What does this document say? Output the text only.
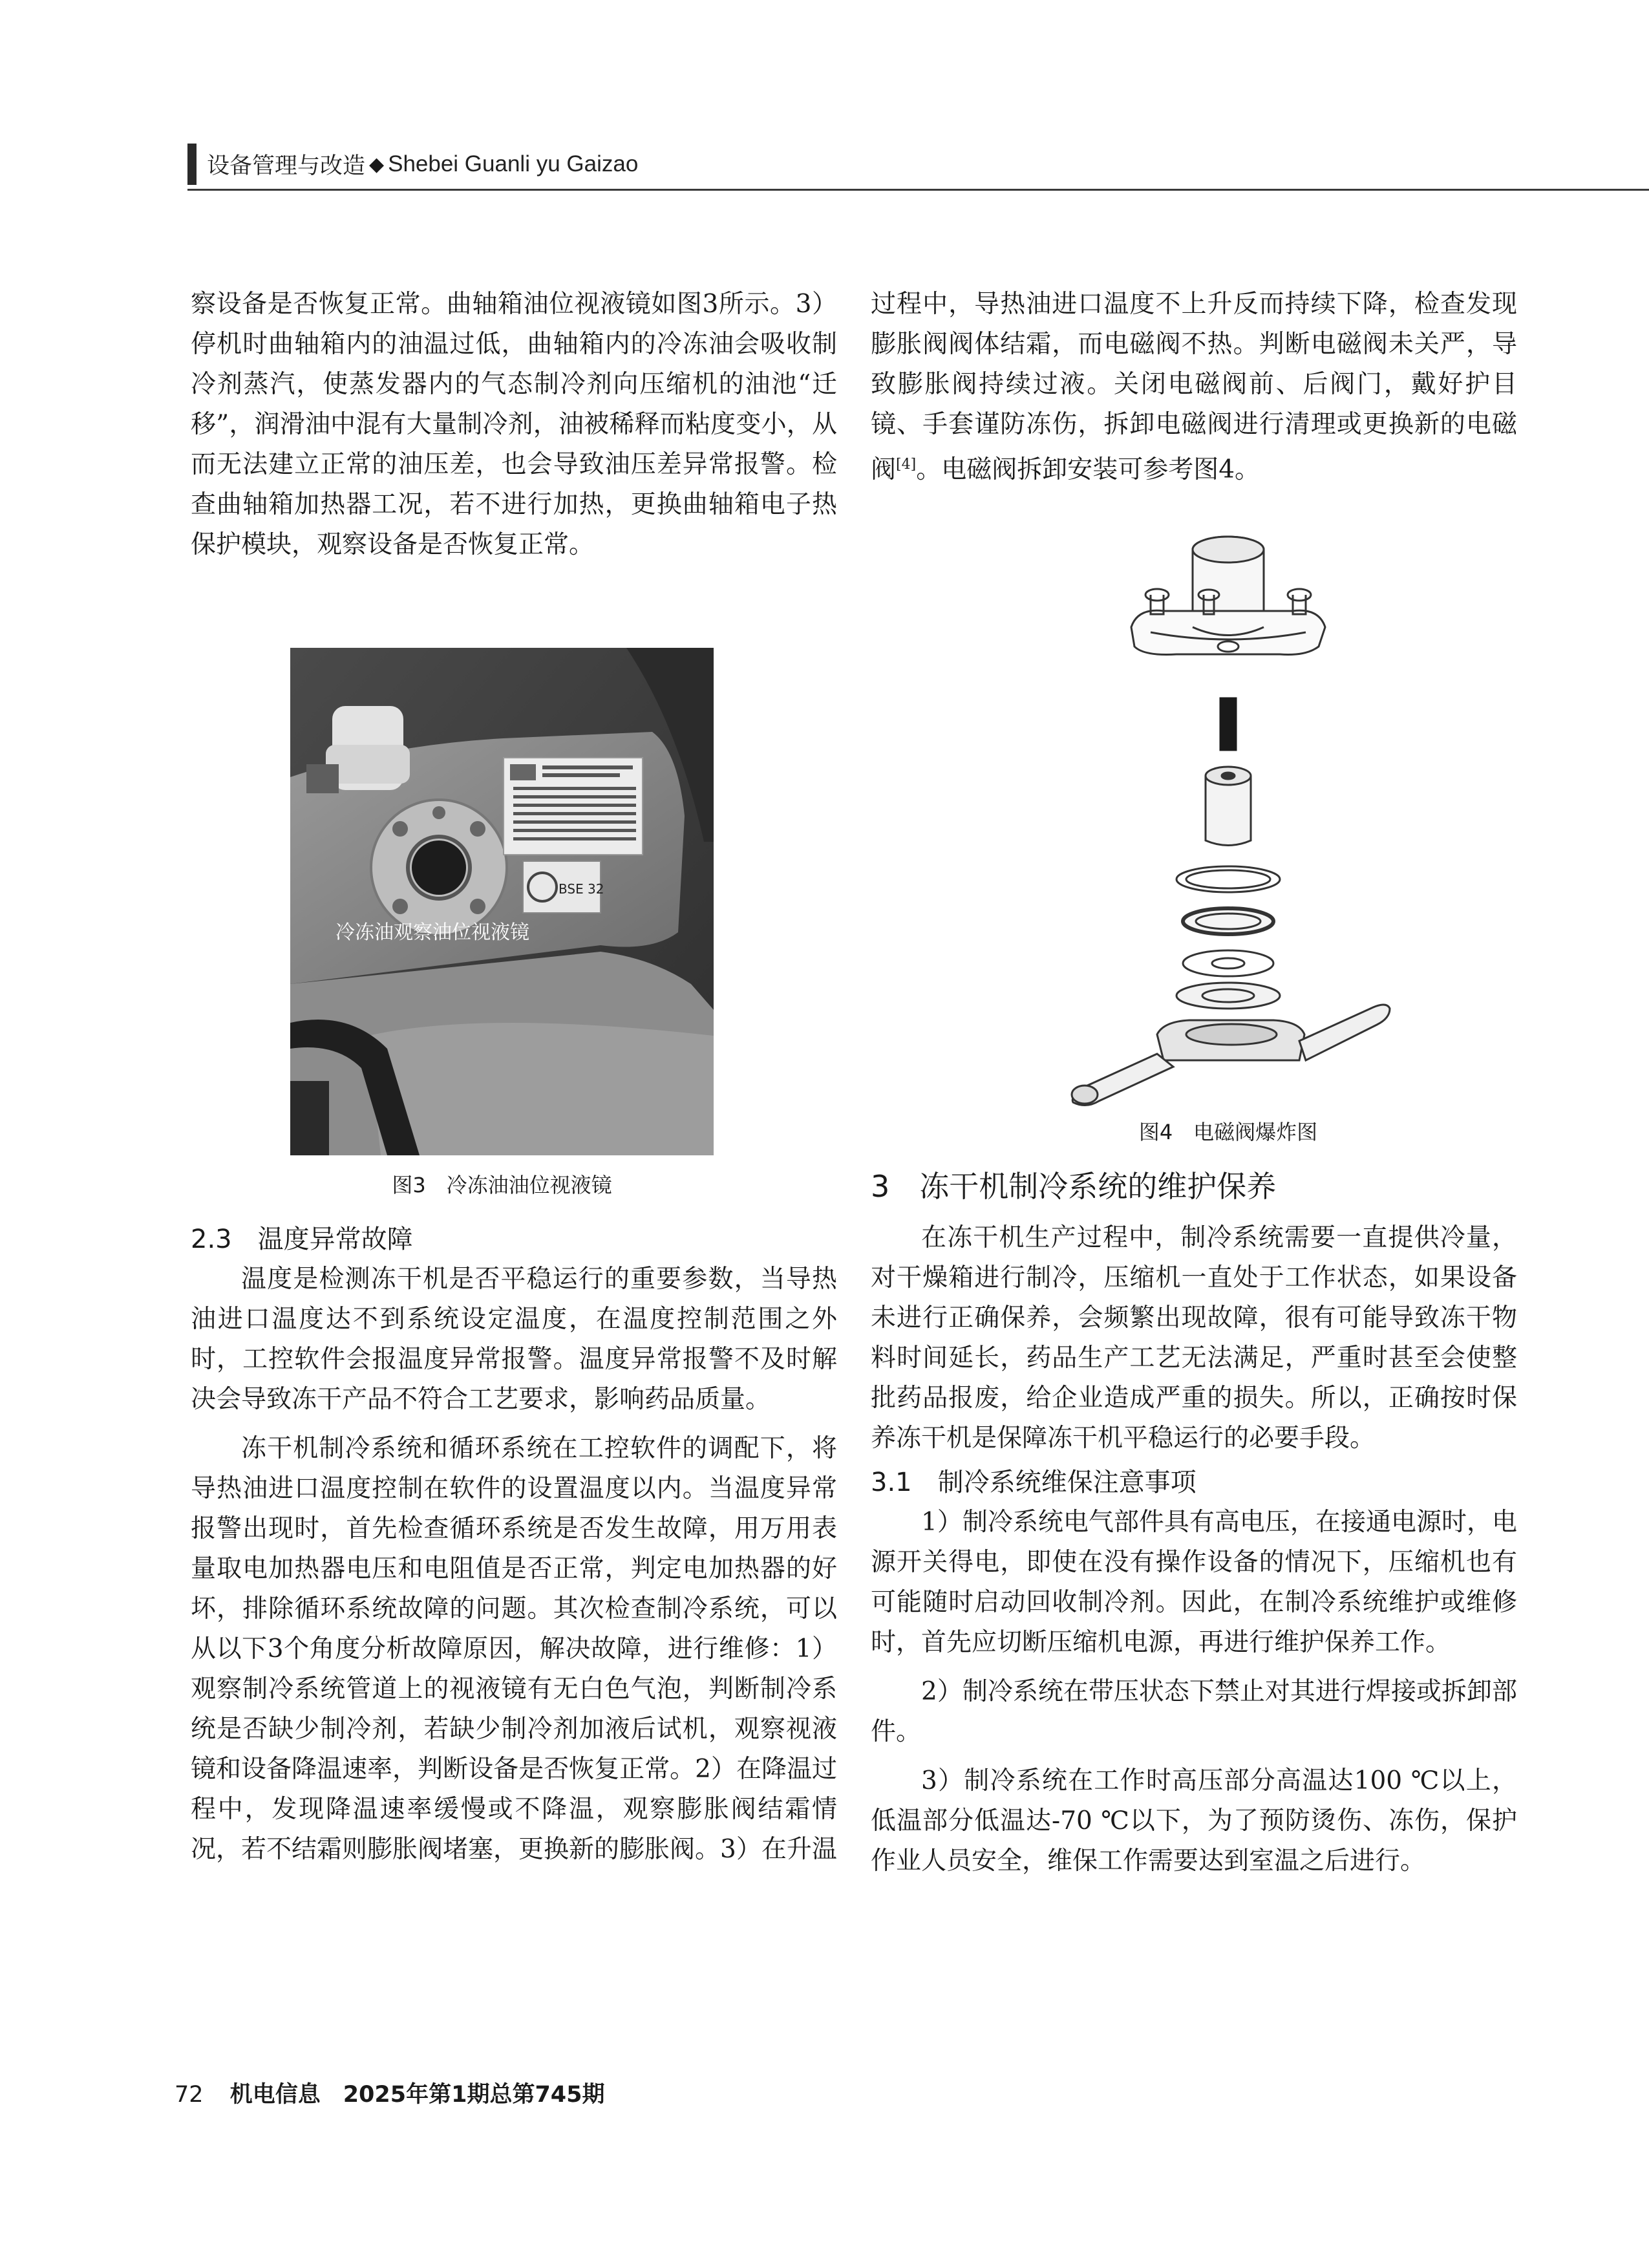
设备管理与改造 ◆ Shebei Guanli yu Gaizao

察设备是否恢复正常。曲轴箱油位视液镜如图3所示。3）停机时曲轴箱内的油温过低，曲轴箱内的冷冻油会吸收制冷剂蒸汽，使蒸发器内的气态制冷剂向压缩机的油池“迁移”，润滑油中混有大量制冷剂，油被稀释而粘度变小，从而无法建立正常的油压差，也会导致油压差异常报警。检查曲轴箱加热器工况，若不进行加热，更换曲轴箱电子热保护模块，观察设备是否恢复正常。

BSE 32
冷冻油观察油位视液镜
图3　冷冻油油位视液镜

2.3　温度异常故障

温度是检测冻干机是否平稳运行的重要参数，当导热油进口温度达不到系统设定温度，在温度控制范围之外时，工控软件会报温度异常报警。温度异常报警不及时解决会导致冻干产品不符合工艺要求，影响药品质量。

冻干机制冷系统和循环系统在工控软件的调配下，将导热油进口温度控制在软件的设置温度以内。当温度异常报警出现时，首先检查循环系统是否发生故障，用万用表量取电加热器电压和电阻值是否正常，判定电加热器的好坏，排除循环系统故障的问题。其次检查制冷系统，可以从以下3个角度分析故障原因，解决故障，进行维修：1）观察制冷系统管道上的视液镜有无白色气泡，判断制冷系统是否缺少制冷剂，若缺少制冷剂加液后试机，观察视液镜和设备降温速率，判断设备是否恢复正常。2）在降温过程中，发现降温速率缓慢或不降温，观察膨胀阀结霜情况，若不结霜则膨胀阀堵塞，更换新的膨胀阀。3）在升温

过程中，导热油进口温度不上升反而持续下降，检查发现膨胀阀阀体结霜，而电磁阀不热。判断电磁阀未关严，导致膨胀阀持续过液。关闭电磁阀前、后阀门，戴好护目镜、手套谨防冻伤，拆卸电磁阀进行清理或更换新的电磁阀[4]。电磁阀拆卸安装可参考图4。

图4　电磁阀爆炸图

3　冻干机制冷系统的维护保养

在冻干机生产过程中，制冷系统需要一直提供冷量，对干燥箱进行制冷，压缩机一直处于工作状态，如果设备未进行正确保养，会频繁出现故障，很有可能导致冻干物料时间延长，药品生产工艺无法满足，严重时甚至会使整批药品报废，给企业造成严重的损失。所以，正确按时保养冻干机是保障冻干机平稳运行的必要手段。

3.1　制冷系统维保注意事项

1）制冷系统电气部件具有高电压，在接通电源时，电源开关得电，即使在没有操作设备的情况下，压缩机也有可能随时启动回收制冷剂。因此，在制冷系统维护或维修时，首先应切断压缩机电源，再进行维护保养工作。

2）制冷系统在带压状态下禁止对其进行焊接或拆卸部件。

3）制冷系统在工作时高压部分高温达100 ℃以上，低温部分低温达-70 ℃以下，为了预防烫伤、冻伤，保护作业人员安全，维保工作需要达到室温之后进行。

72 机电信息　2025年第1期总第745期
